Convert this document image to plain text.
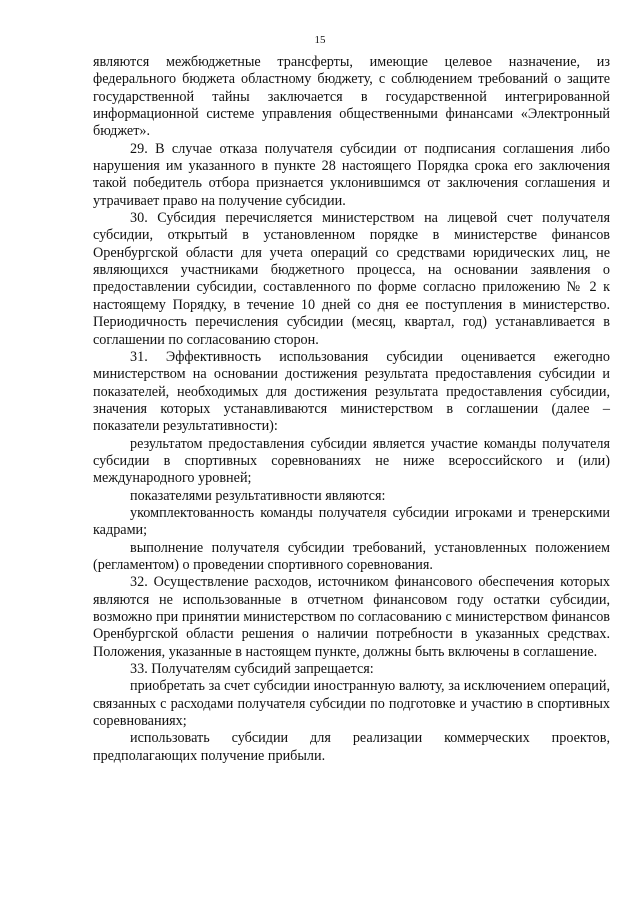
15

являются межбюджетные трансферты, имеющие целевое назначение, из федерального бюджета областному бюджету, с соблюдением требований о защите государственной тайны заключается в государственной интегрированной информационной системе управления общественными финансами «Электронный бюджет».

29. В случае отказа получателя субсидии от подписания соглашения либо нарушения им указанного в пункте 28 настоящего Порядка срока его заключения такой победитель отбора признается уклонившимся от заключения соглашения и утрачивает право на получение субсидии.

30. Субсидия перечисляется министерством на лицевой счет получателя субсидии, открытый в установленном порядке в министерстве финансов Оренбургской области для учета операций со средствами юридических лиц, не являющихся участниками бюджетного процесса, на основании заявления о предоставлении субсидии, составленного по форме согласно приложению № 2 к настоящему Порядку, в течение 10 дней со дня ее поступления в министерство. Периодичность перечисления субсидии (месяц, квартал, год) устанавливается в соглашении по согласованию сторон.

31. Эффективность использования субсидии оценивается ежегодно министерством на основании достижения результата предоставления субсидии и показателей, необходимых для достижения результата предоставления субсидии, значения которых устанавливаются министерством в соглашении (далее – показатели результативности):

результатом предоставления субсидии является участие команды получателя субсидии в спортивных соревнованиях не ниже всероссийского и (или) международного уровней;

показателями результативности являются:

укомплектованность команды получателя субсидии игроками и тренерскими кадрами;

выполнение получателя субсидии требований, установленных положением (регламентом) о проведении спортивного соревнования.

32. Осуществление расходов, источником финансового обеспечения которых являются не использованные в отчетном финансовом году остатки субсидии, возможно при принятии министерством по согласованию с министерством финансов Оренбургской области решения о наличии потребности в указанных средствах. Положения, указанные в настоящем пункте, должны быть включены в соглашение.

33. Получателям субсидий запрещается:

приобретать за счет субсидии иностранную валюту, за исключением операций, связанных с расходами получателя субсидии по подготовке и участию в спортивных соревнованиях;

использовать субсидии для реализации коммерческих проектов, предполагающих получение прибыли.
